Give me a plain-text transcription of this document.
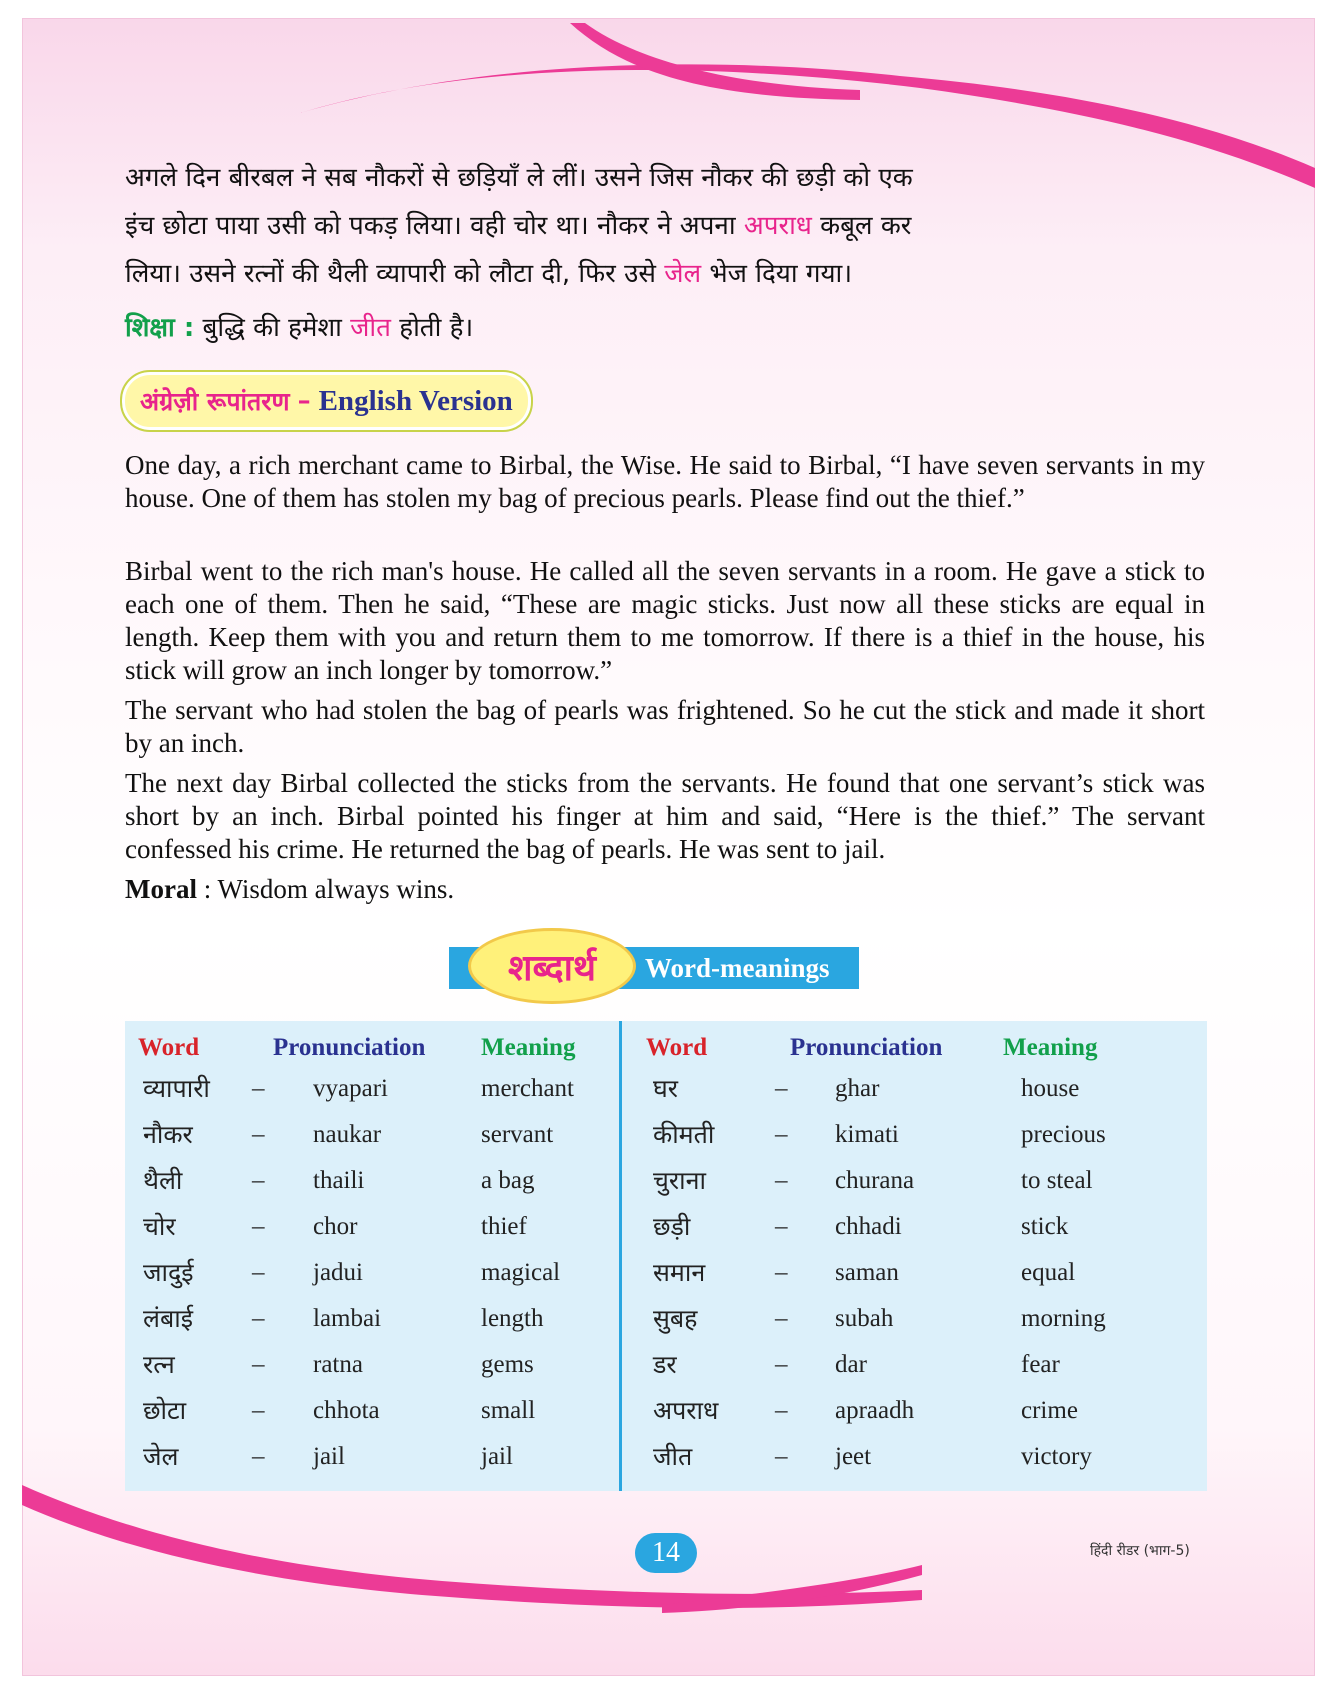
अगले दिन बीरबल ने सब नौकरों से छड़ियाँ ले लीं। उसने जिस नौकर की छड़ी को एक
इंच छोटा पाया उसी को पकड़ लिया। वही चोर था। नौकर ने अपना अपराध कबूल कर
लिया। उसने रत्नों की थैली व्यापारी को लौटा दी, फिर उसे जेल भेज दिया गया।
शिक्षा : बुद्धि की हमेशा जीत होती है।
अंग्रेज़ी रूपांतरण – English Version
One day, a rich merchant came to Birbal, the Wise. He said to Birbal, “I have seven servants in my house. One of them has stolen my bag of precious pearls. Please find out the thief.”
Birbal went to the rich man's house. He called all the seven servants in a room. He gave a stick to each one of them. Then he said, “These are magic sticks. Just now all these sticks are equal in length. Keep them with you and return them to me tomorrow. If there is a thief in the house, his stick will grow an inch longer by tomorrow.”
The servant who had stolen the bag of pearls was frightened. So he cut the stick and made it short by an inch.
The next day Birbal collected the sticks from the servants. He found that one servant’s stick was short by an inch. Birbal pointed his finger at him and said, “Here is the thief.” The servant confessed his crime. He returned the bag of pearls. He was sent to jail.
Moral : Wisdom always wins.
शब्दार्थ	Word-meanings
Word	Pronunciation Meaning	Word	Pronunciation Meaning
व्यापारी – vyapari	merchant
नौकर – naukar	servant
थैली	– thaili	a bag
चोर	– chor	thief
जादुई – jadui	magical
लंबाई – lambai	length
रत्न	– ratna	gems
छोटा	– chhota	small
जेल	– jail	jail
घर	– ghar	house
कीमती – kimati	precious
चुराना	– churana	to steal
छड़ी	– chhadi	stick
समान	– saman	equal
सुबह	– subah	morning
डर	– dar	fear
अपराध – apraadh	crime
जीत	– jeet	victory
14	हिंदी रीडर (भाग-5)
